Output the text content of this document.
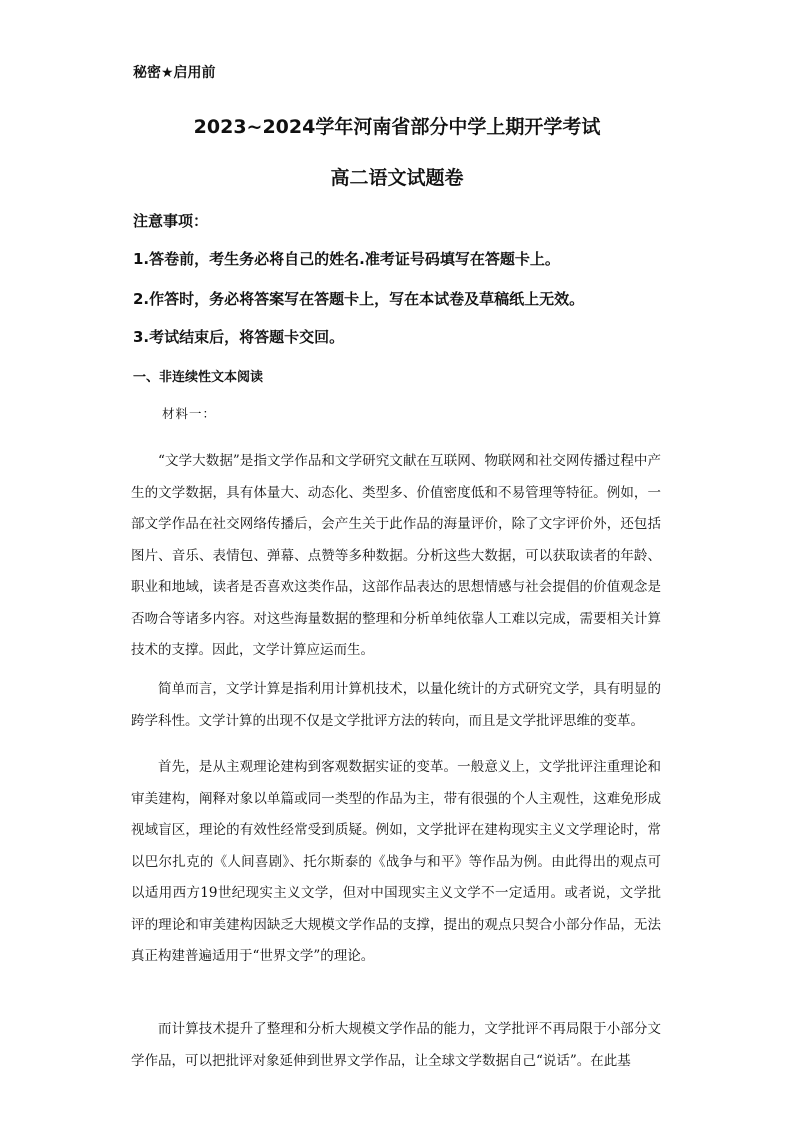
秘密★启用前
2023~2024学年河南省部分中学上期开学考试
高二语文试题卷
注意事项：
1.答卷前，考生务必将自己的姓名.准考证号码填写在答题卡上。
2.作答时，务必将答案写在答题卡上，写在本试卷及草稿纸上无效。
3.考试结束后，将答题卡交回。
一、非连续性文本阅读
材料一：

“文学大数据”是指文学作品和文学研究文献在互联网、物联网和社交网传播过程中产生的文学数据，具有体量大、动态化、类型多、价值密度低和不易管理等特征。例如，一部文学作品在社交网络传播后，会产生关于此作品的海量评价，除了文字评价外，还包括图片、音乐、表情包、弹幕、点赞等多种数据。分析这些大数据，可以获取读者的年龄、职业和地域，读者是否喜欢这类作品，这部作品表达的思想情感与社会提倡的价值观念是否吻合等诸多内容。对这些海量数据的整理和分析单纯依靠人工难以完成，需要相关计算技术的支撑。因此，文学计算应运而生。

简单而言，文学计算是指利用计算机技术，以量化统计的方式研究文学，具有明显的跨学科性。文学计算的出现不仅是文学批评方法的转向，而且是文学批评思维的变革。

首先，是从主观理论建构到客观数据实证的变革。一般意义上，文学批评注重理论和审美建构，阐释对象以单篇或同一类型的作品为主，带有很强的个人主观性，这难免形成视域盲区，理论的有效性经常受到质疑。例如，文学批评在建构现实主义文学理论时，常以巴尔扎克的《人间喜剧》、托尔斯泰的《战争与和平》等作品为例。由此得出的观点可以适用西方19世纪现实主义文学，但对中国现实主义文学不一定适用。或者说，文学批评的理论和审美建构因缺乏大规模文学作品的支撑，提出的观点只契合小部分作品，无法真正构建普遍适用于“世界文学”的理论。

而计算技术提升了整理和分析大规模文学作品的能力，文学批评不再局限于小部分文学作品，可以把批评对象延伸到世界文学作品，让全球文学数据自己“说话”。在此基
